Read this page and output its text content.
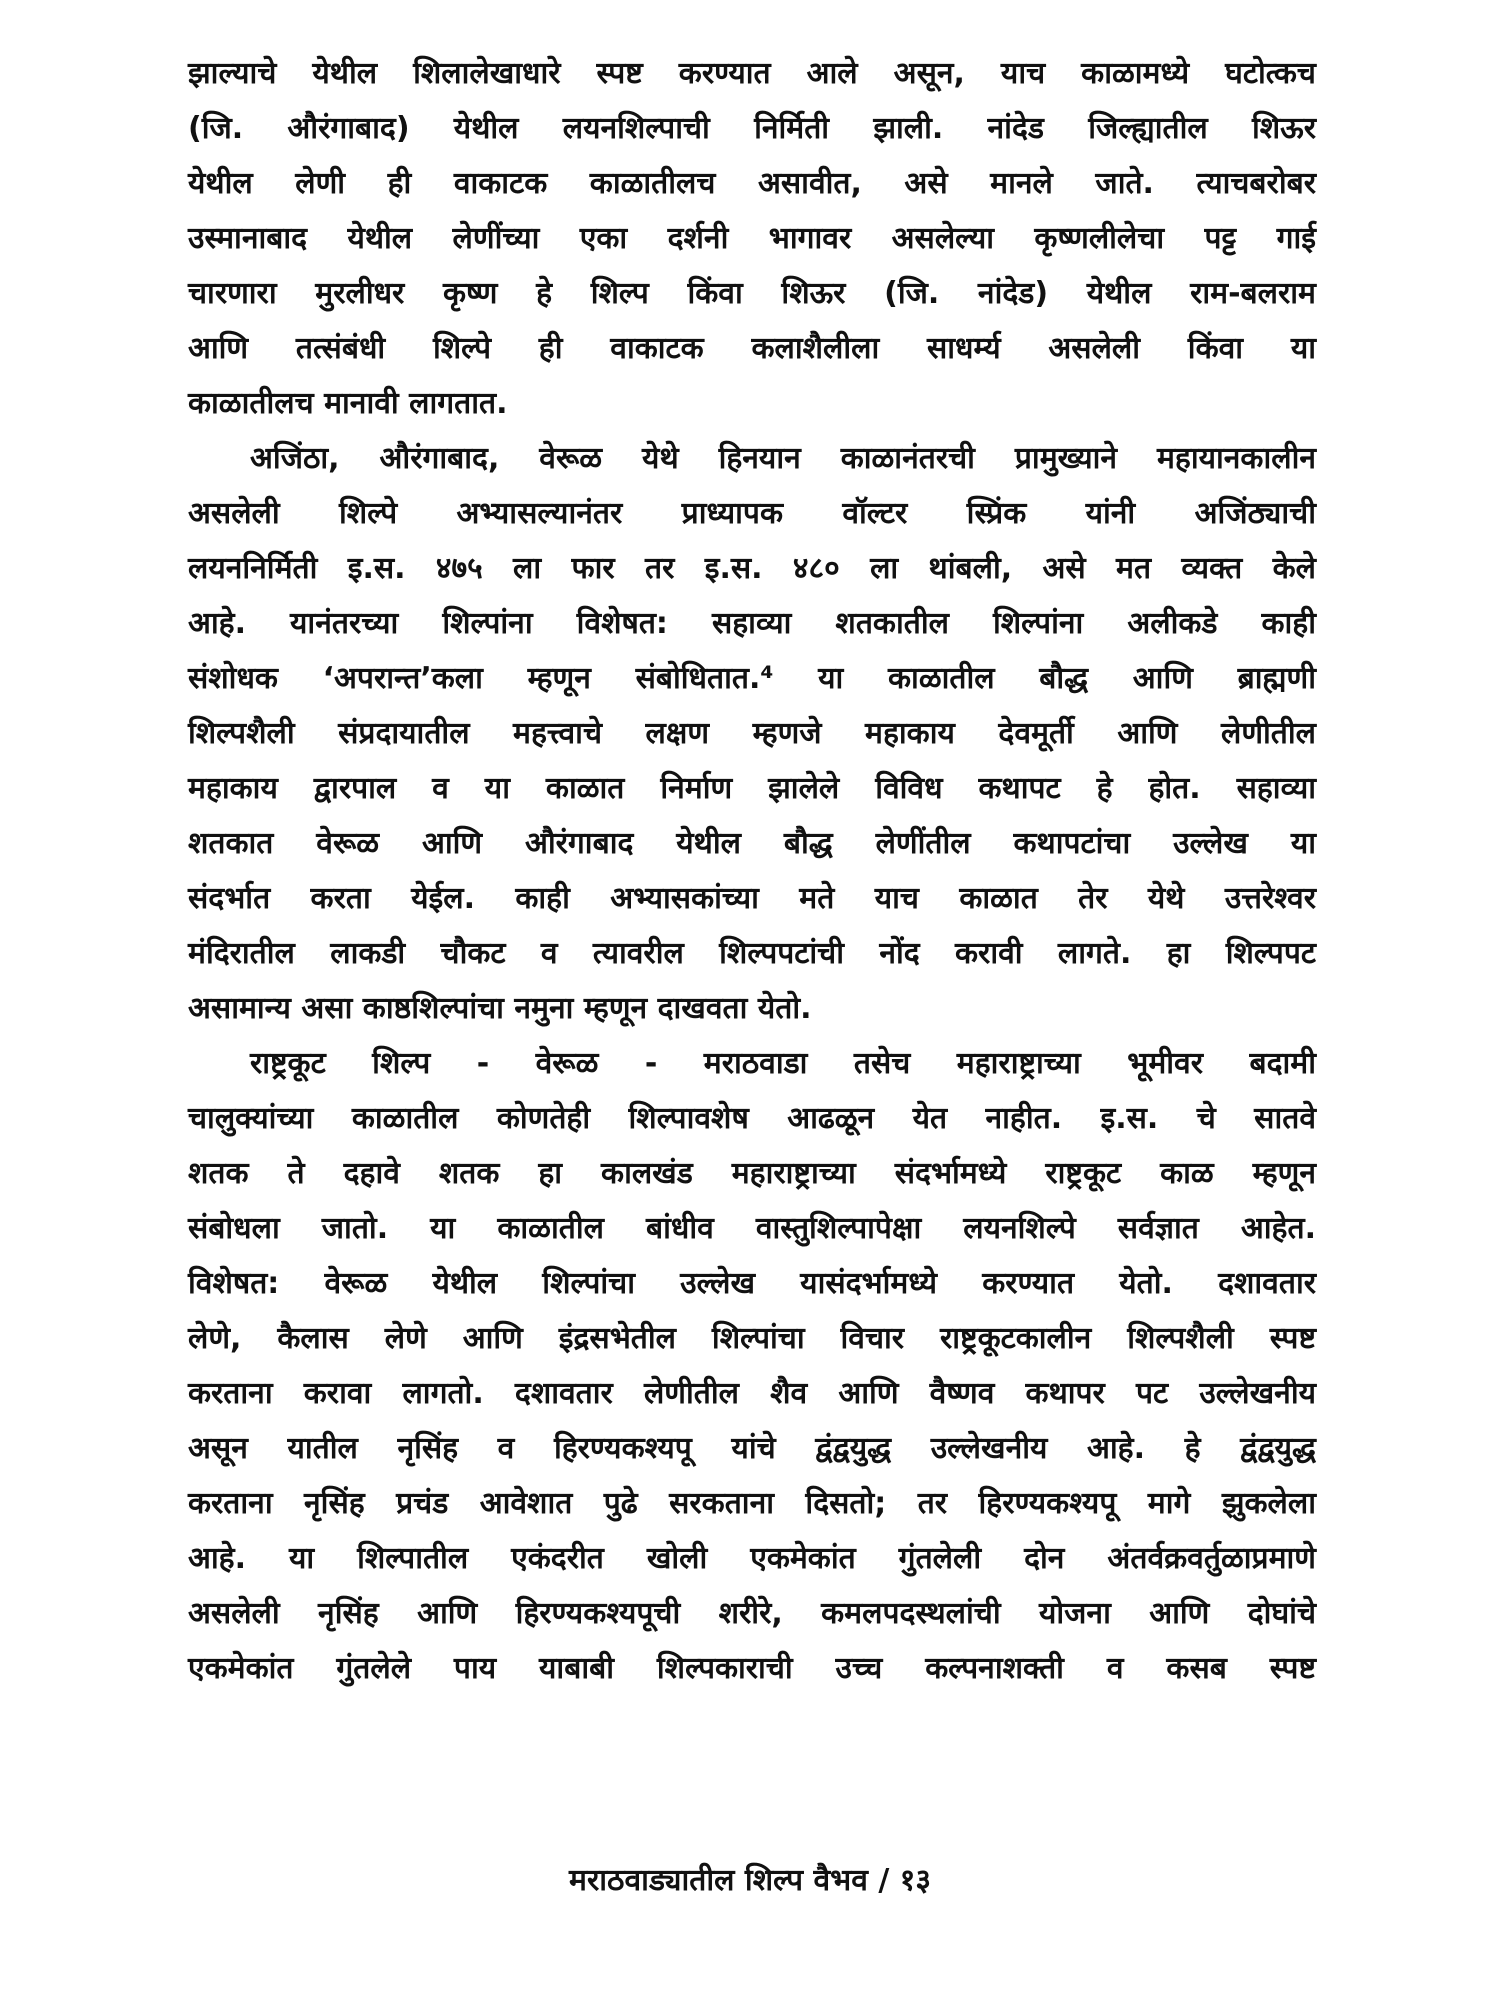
झाल्याचे येथील शिलालेखाधारे स्पष्ट करण्यात आले असून, याच काळामध्ये घटोत्कच
(जि. औरंगाबाद) येथील लयनशिल्पाची निर्मिती झाली. नांदेड जिल्ह्यातील शिऊर
येथील लेणी ही वाकाटक काळातीलच असावीत, असे मानले जाते. त्याचबरोबर
उस्मानाबाद येथील लेणींच्या एका दर्शनी भागावर असलेल्या कृष्णलीलेचा पट्ट गाई
चारणारा मुरलीधर कृष्ण हे शिल्प किंवा शिऊर (जि. नांदेड) येथील राम-बलराम
आणि तत्संबंधी शिल्पे ही वाकाटक कलाशैलीला साधर्म्य असलेली किंवा या
काळातीलच मानावी लागतात.
अजिंठा, औरंगाबाद, वेरूळ येथे हिनयान काळानंतरची प्रामुख्याने महायानकालीन
असलेली शिल्पे अभ्यासल्यानंतर प्राध्यापक वॉल्टर स्प्रिंक यांनी अजिंठ्याची
लयननिर्मिती इ.स. ४७५ ला फार तर इ.स. ४८० ला थांबली, असे मत व्यक्त केले
आहे. यानंतरच्या शिल्पांना विशेषत: सहाव्या शतकातील शिल्पांना अलीकडे काही
संशोधक ‘अपरान्त’कला म्हणून संबोधितात.⁴ या काळातील बौद्ध आणि ब्राह्मणी
शिल्पशैली संप्रदायातील महत्त्वाचे लक्षण म्हणजे महाकाय देवमूर्ती आणि लेणीतील
महाकाय द्वारपाल व या काळात निर्माण झालेले विविध कथापट हे होत. सहाव्या
शतकात वेरूळ आणि औरंगाबाद येथील बौद्ध लेणींतील कथापटांचा उल्लेख या
संदर्भात करता येईल. काही अभ्यासकांच्या मते याच काळात तेर येथे उत्तरेश्वर
मंदिरातील लाकडी चौकट व त्यावरील शिल्पपटांची नोंद करावी लागते. हा शिल्पपट
असामान्य असा काष्ठशिल्पांचा नमुना म्हणून दाखवता येतो.
राष्ट्रकूट शिल्प - वेरूळ - मराठवाडा तसेच महाराष्ट्राच्या भूमीवर बदामी
चालुक्यांच्या काळातील कोणतेही शिल्पावशेष आढळून येत नाहीत. इ.स. चे सातवे
शतक ते दहावे शतक हा कालखंड महाराष्ट्राच्या संदर्भामध्ये राष्ट्रकूट काळ म्हणून
संबोधला जातो. या काळातील बांधीव वास्तुशिल्पापेक्षा लयनशिल्पे सर्वज्ञात आहेत.
विशेषत: वेरूळ येथील शिल्पांचा उल्लेख यासंदर्भामध्ये करण्यात येतो. दशावतार
लेणे, कैलास लेणे आणि इंद्रसभेतील शिल्पांचा विचार राष्ट्रकूटकालीन शिल्पशैली स्पष्ट
करताना करावा लागतो. दशावतार लेणीतील शैव आणि वैष्णव कथापर पट उल्लेखनीय
असून यातील नृसिंह व हिरण्यकश्यपू यांचे द्वंद्वयुद्ध उल्लेखनीय आहे. हे द्वंद्वयुद्ध
करताना नृसिंह प्रचंड आवेशात पुढे सरकताना दिसतो; तर हिरण्यकश्यपू मागे झुकलेला
आहे. या शिल्पातील एकंदरीत खोली एकमेकांत गुंतलेली दोन अंतर्वक्रवर्तुळाप्रमाणे
असलेली नृसिंह आणि हिरण्यकश्यपूची शरीरे, कमलपदस्थलांची योजना आणि दोघांचे
एकमेकांत गुंतलेले पाय याबाबी शिल्पकाराची उच्च कल्पनाशक्ती व कसब स्पष्ट
मराठवाड्यातील शिल्प वैभव / १३
